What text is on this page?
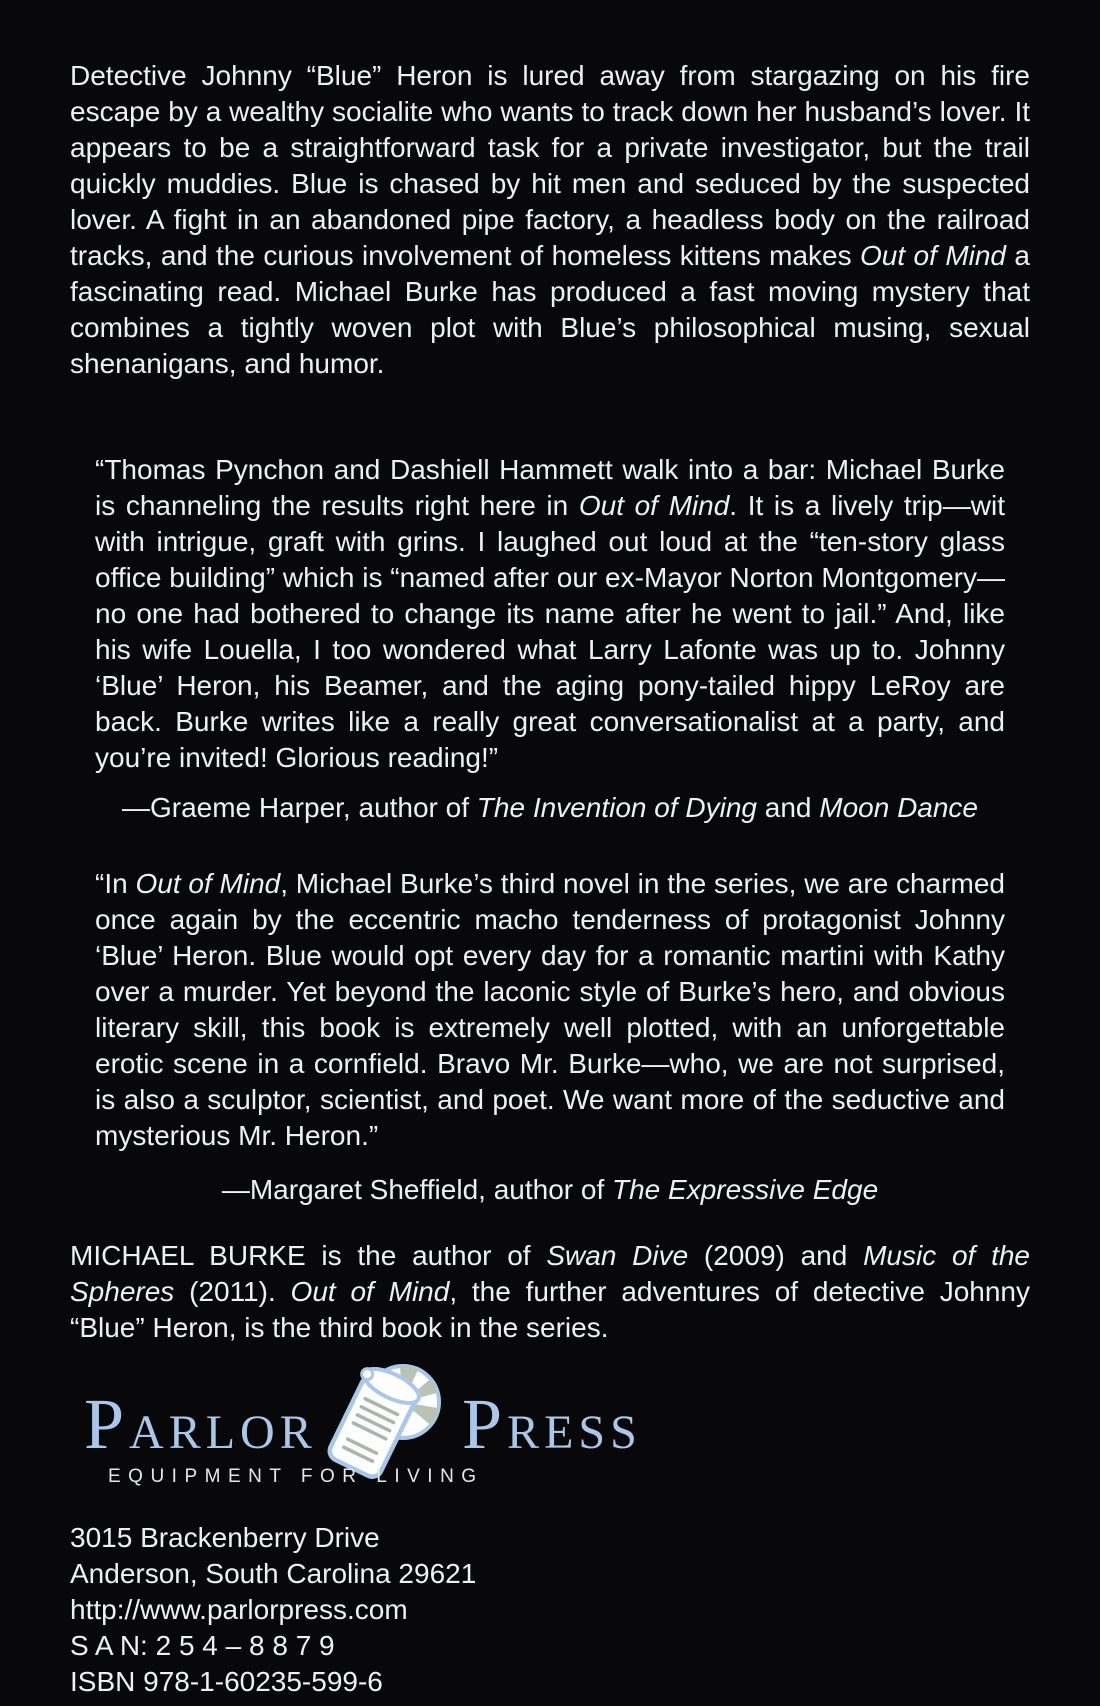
Detective Johnny “Blue” Heron is lured away from stargazing on his fire escape by a wealthy socialite who wants to track down her husband’s lover. It appears to be a straightforward task for a private investigator, but the trail quickly muddies. Blue is chased by hit men and seduced by the suspected lover. A fight in an abandoned pipe factory, a headless body on the railroad tracks, and the curious involvement of homeless kittens makes Out of Mind a fascinating read. Michael Burke has produced a fast moving mystery that combines a tightly woven plot with Blue’s philosophical musing, sexual shenanigans, and humor.

“Thomas Pynchon and Dashiell Hammett walk into a bar: Michael Burke is channeling the results right here in Out of Mind. It is a lively trip—wit with intrigue, graft with grins. I laughed out loud at the “ten-story glass office building” which is “named after our ex-Mayor Norton Montgomery—no one had bothered to change its name after he went to jail.” And, like his wife Louella, I too wondered what Larry Lafonte was up to. Johnny ‘Blue’ Heron, his Beamer, and the aging pony-tailed hippy LeRoy are back. Burke writes like a really great conversationalist at a party, and you’re invited! Glorious reading!”

—Graeme Harper, author of The Invention of Dying and Moon Dance

“In Out of Mind, Michael Burke’s third novel in the series, we are charmed once again by the eccentric macho tenderness of protagonist Johnny ‘Blue’ Heron. Blue would opt every day for a romantic martini with Kathy over a murder. Yet beyond the laconic style of Burke’s hero, and obvious literary skill, this book is extremely well plotted, with an unforgettable erotic scene in a cornfield. Bravo Mr. Burke—who, we are not surprised, is also a sculptor, scientist, and poet. We want more of the seductive and mysterious Mr. Heron.”

—Margaret Sheffield, author of The Expressive Edge

MICHAEL BURKE is the author of Swan Dive (2009) and Music of the Spheres (2011). Out of Mind, the further adventures of detective Johnny “Blue” Heron, is the third book in the series.

PARLOR PRESS
EQUIPMENT FOR LIVING
3015 Brackenberry Drive
Anderson, South Carolina 29621
http://www.parlorpress.com
S A N: 2 5 4 – 8 8 7 9
ISBN 978-1-60235-599-6
